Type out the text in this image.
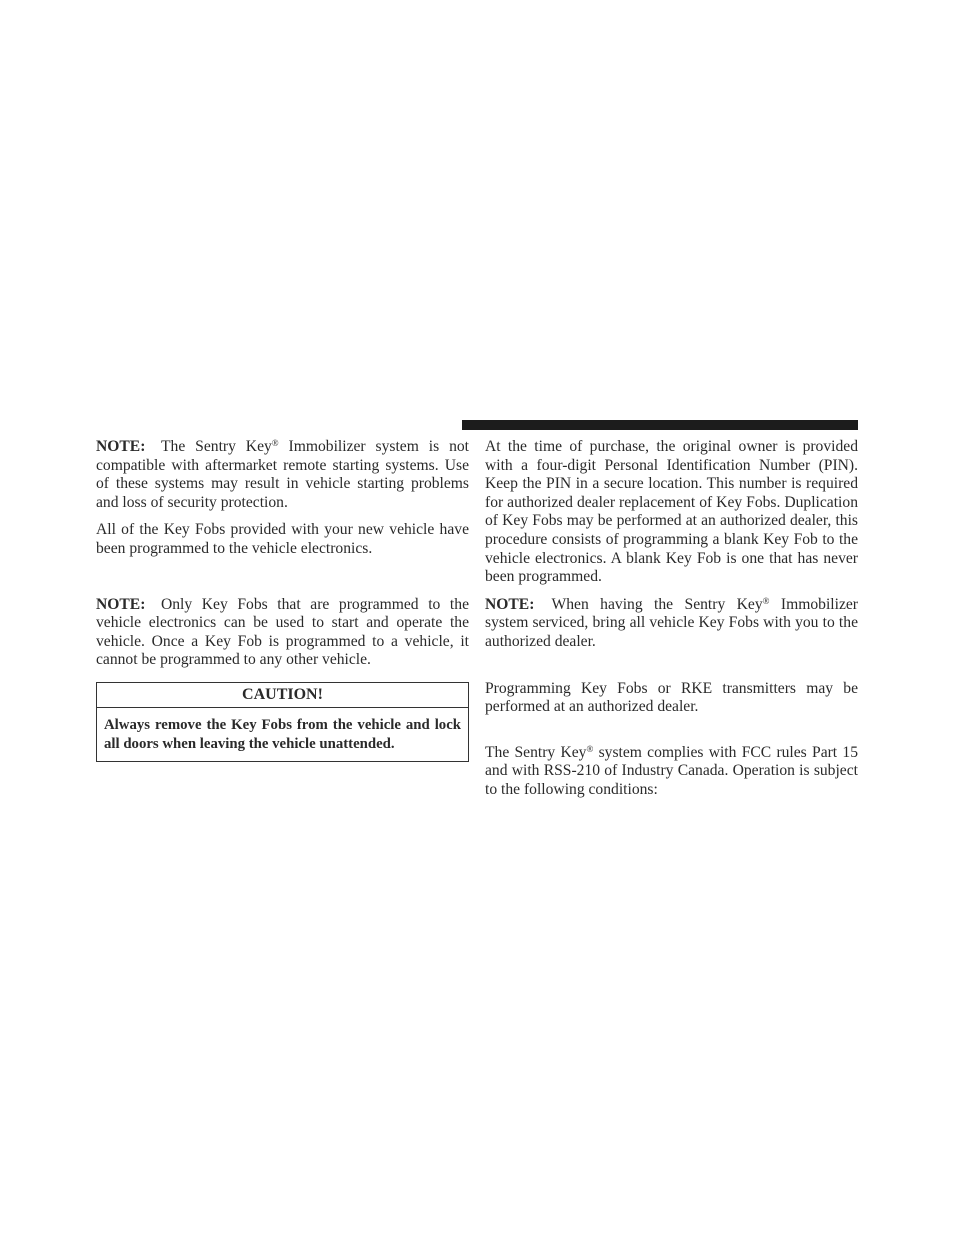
NOTE: The Sentry Key® Immobilizer system is not compatible with aftermarket remote starting systems. Use of these systems may result in vehicle starting problems and loss of security protection.

All of the Key Fobs provided with your new vehicle have been programmed to the vehicle electronics.

NOTE: Only Key Fobs that are programmed to the vehicle electronics can be used to start and operate the vehicle. Once a Key Fob is programmed to a vehicle, it cannot be programmed to any other vehicle.

CAUTION!
Always remove the Key Fobs from the vehicle and lock all doors when leaving the vehicle unattended.

At the time of purchase, the original owner is provided with a four-digit Personal Identification Number (PIN). Keep the PIN in a secure location. This number is required for authorized dealer replacement of Key Fobs. Duplication of Key Fobs may be performed at an authorized dealer, this procedure consists of programming a blank Key Fob to the vehicle electronics. A blank Key Fob is one that has never been programmed.

NOTE: When having the Sentry Key® Immobilizer system serviced, bring all vehicle Key Fobs with you to the authorized dealer.

Programming Key Fobs or RKE transmitters may be performed at an authorized dealer.

The Sentry Key® system complies with FCC rules Part 15 and with RSS-210 of Industry Canada. Operation is subject to the following conditions:
